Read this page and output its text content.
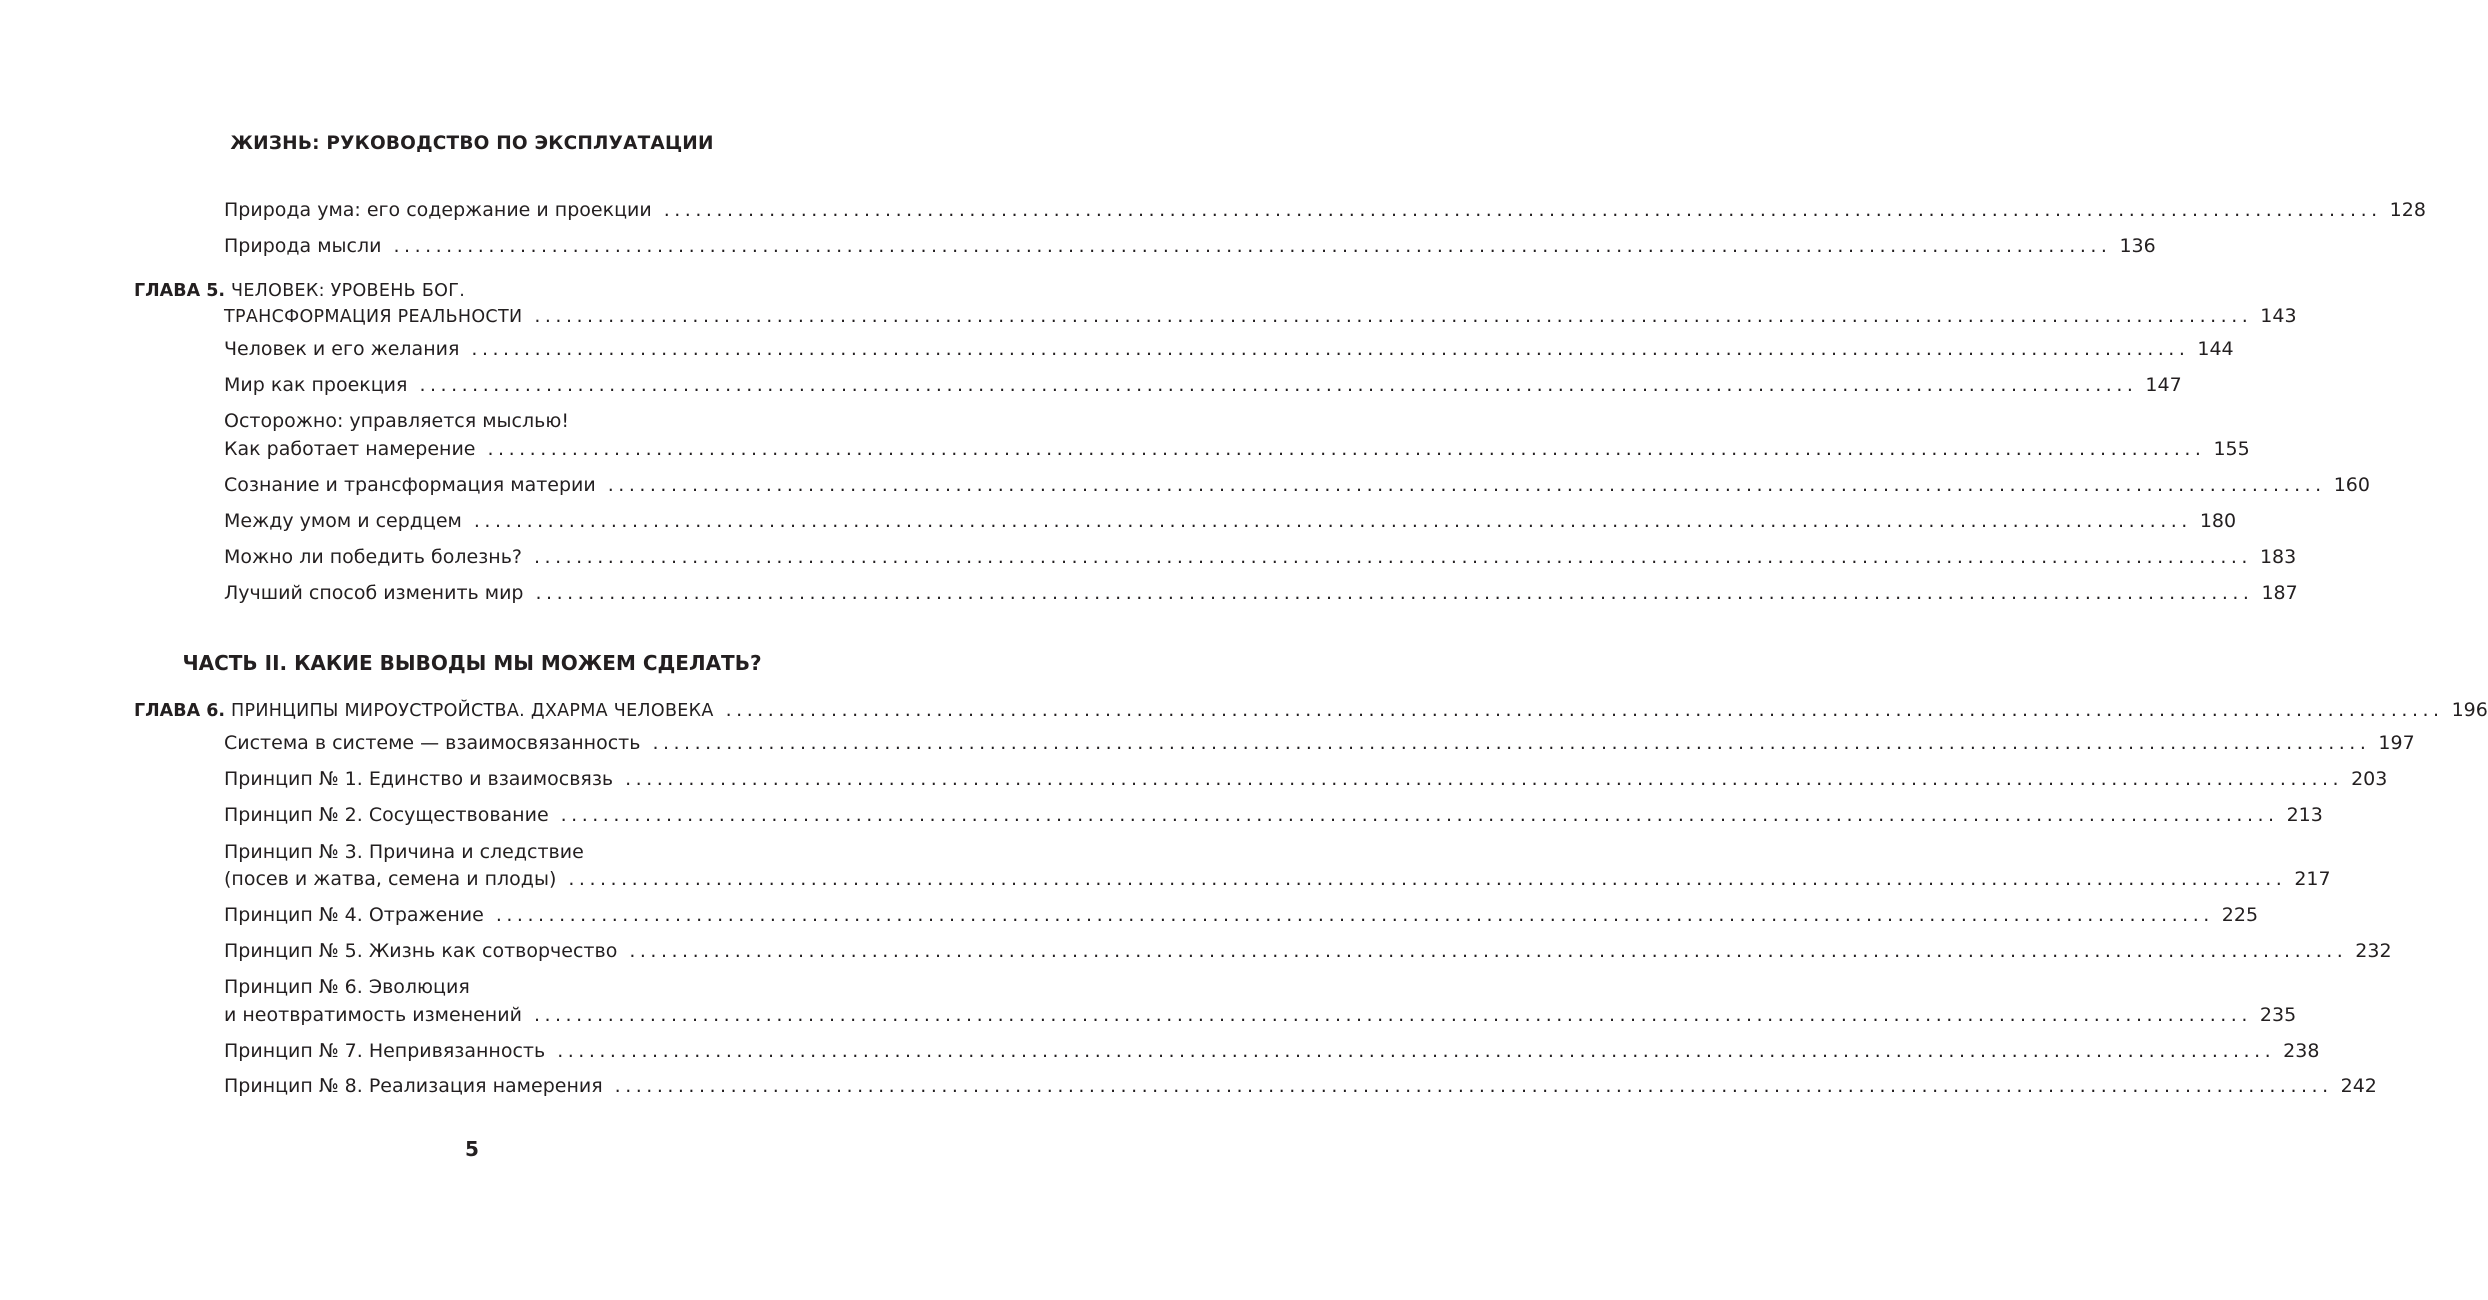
ЖИЗНЬ: РУКОВОДСТВО ПО ЭКСПЛУАТАЦИИ
Природа ума: его содержание и проекции ................................................................................................................................................................... 128
Природа мысли ................................................................................................................................................................... 136
ГЛАВА 5. ЧЕЛОВЕК: УРОВЕНЬ БОГ.
ТРАНСФОРМАЦИЯ РЕАЛЬНОСТИ ................................................................................................................................................................... 143
Человек и его желания ................................................................................................................................................................... 144
Мир как проекция ................................................................................................................................................................... 147
Осторожно: управляется мыслью!
Как работает намерение ................................................................................................................................................................... 155
Сознание и трансформация материи ................................................................................................................................................................... 160
Между умом и сердцем ................................................................................................................................................................... 180
Можно ли победить болезнь? ................................................................................................................................................................... 183
Лучший способ изменить мир ................................................................................................................................................................... 187
ЧАСТЬ II. КАКИЕ ВЫВОДЫ МЫ МОЖЕМ СДЕЛАТЬ?
ГЛАВА 6. ПРИНЦИПЫ МИРОУСТРОЙСТВА. ДХАРМА ЧЕЛОВЕКА ................................................................................................................................................................... 196
Система в системе — взаимосвязанность ................................................................................................................................................................... 197
Принцип № 1. Единство и взаимосвязь ................................................................................................................................................................... 203
Принцип № 2. Сосуществование ................................................................................................................................................................... 213
Принцип № 3. Причина и следствие
(посев и жатва, семена и плоды) ................................................................................................................................................................... 217
Принцип № 4. Отражение ................................................................................................................................................................... 225
Принцип № 5. Жизнь как сотворчество ................................................................................................................................................................... 232
Принцип № 6. Эволюция
и неотвратимость изменений ................................................................................................................................................................... 235
Принцип № 7. Непривязанность ................................................................................................................................................................... 238
Принцип № 8. Реализация намерения ................................................................................................................................................................... 242
5
